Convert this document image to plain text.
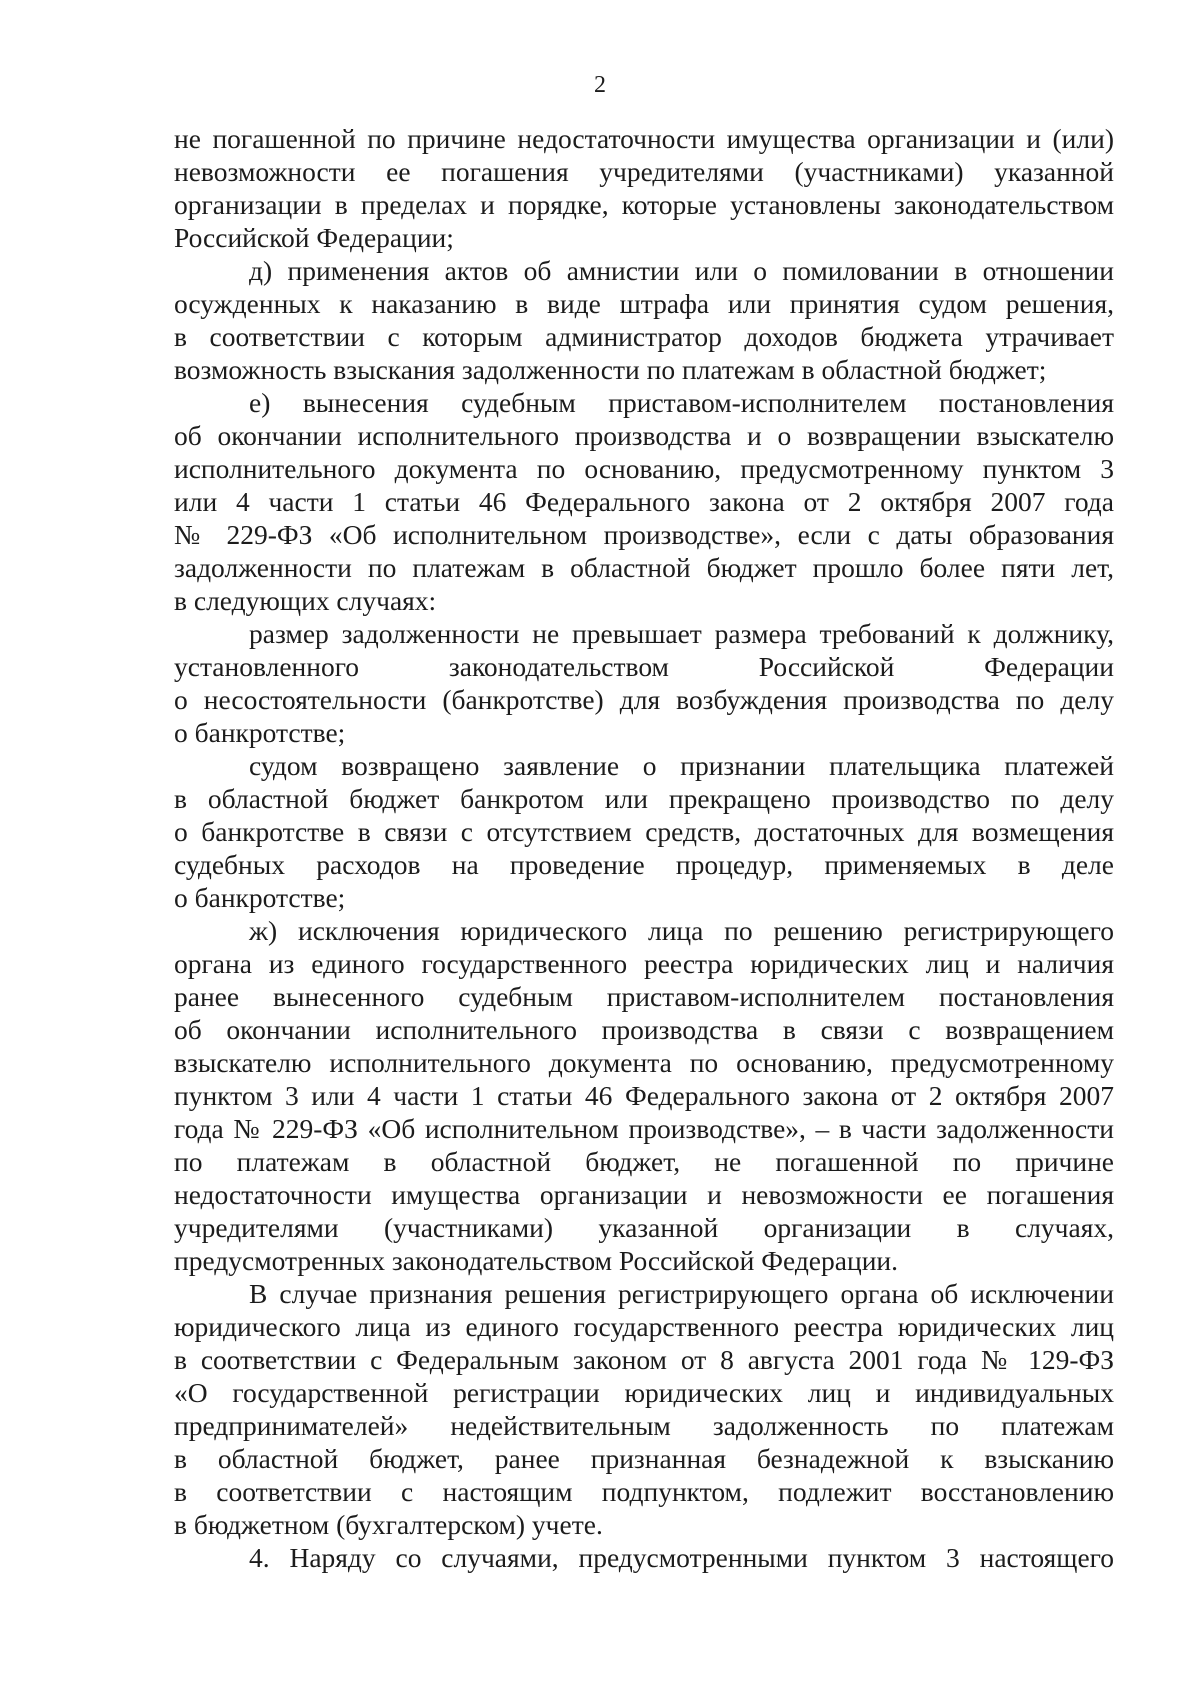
2
не погашенной по причине недостаточности имущества организации и (или)
невозможности ее погашения учредителями (участниками) указанной
организации в пределах и порядке, которые установлены законодательством
Российской Федерации;
д) применения актов об амнистии или о помиловании в отношении
осужденных к наказанию в виде штрафа или принятия судом решения,
в соответствии с которым администратор доходов бюджета утрачивает
возможность взыскания задолженности по платежам в областной бюджет;
е) вынесения судебным приставом-исполнителем постановления
об окончании исполнительного производства и о возвращении взыскателю
исполнительного документа по основанию, предусмотренному пунктом 3
или 4 части 1 статьи 46 Федерального закона от 2 октября 2007 года
№ 229-ФЗ «Об исполнительном производстве», если с даты образования
задолженности по платежам в областной бюджет прошло более пяти лет,
в следующих случаях:
размер задолженности не превышает размера требований к должнику,
установленного законодательством Российской Федерации
о несостоятельности (банкротстве) для возбуждения производства по делу
о банкротстве;
судом возвращено заявление о признании плательщика платежей
в областной бюджет банкротом или прекращено производство по делу
о банкротстве в связи с отсутствием средств, достаточных для возмещения
судебных расходов на проведение процедур, применяемых в деле
о банкротстве;
ж) исключения юридического лица по решению регистрирующего
органа из единого государственного реестра юридических лиц и наличия
ранее вынесенного судебным приставом-исполнителем постановления
об окончании исполнительного производства в связи с возвращением
взыскателю исполнительного документа по основанию, предусмотренному
пунктом 3 или 4 части 1 статьи 46 Федерального закона от 2 октября 2007
года № 229-ФЗ «Об исполнительном производстве», – в части задолженности
по платежам в областной бюджет, не погашенной по причине
недостаточности имущества организации и невозможности ее погашения
учредителями (участниками) указанной организации в случаях,
предусмотренных законодательством Российской Федерации.
В случае признания решения регистрирующего органа об исключении
юридического лица из единого государственного реестра юридических лиц
в соответствии с Федеральным законом от 8 августа 2001 года № 129-ФЗ
«О государственной регистрации юридических лиц и индивидуальных
предпринимателей» недействительным задолженность по платежам
в областной бюджет, ранее признанная безнадежной к взысканию
в соответствии с настоящим подпунктом, подлежит восстановлению
в бюджетном (бухгалтерском) учете.
4. Наряду со случаями, предусмотренными пунктом 3 настоящего
